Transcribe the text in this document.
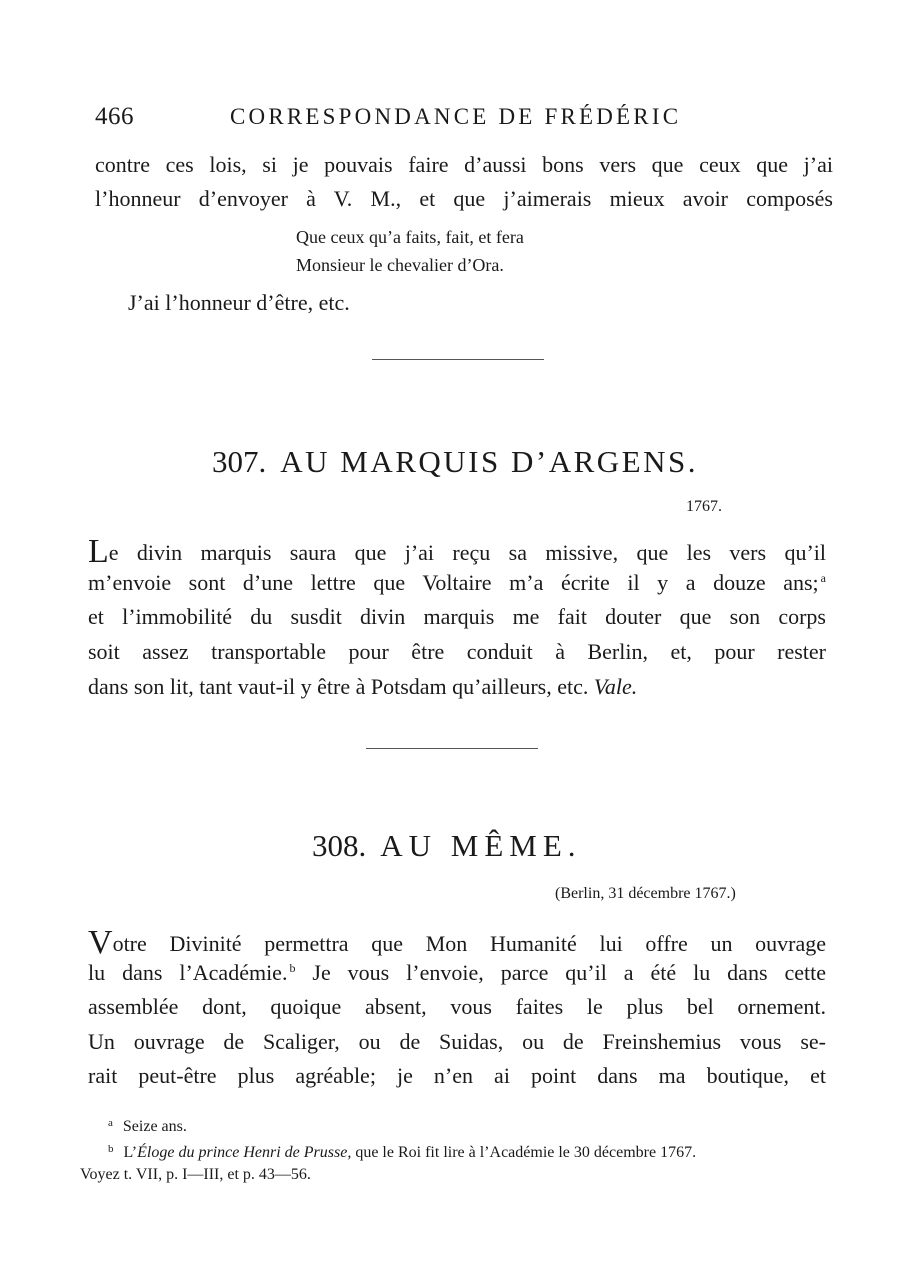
466	CORRESPONDANCE DE FRÉDÉRIC
contre ces lois, si je pouvais faire d’aussi bons vers que ceux que j’ai
l’honneur d’envoyer à V. M., et que j’aimerais mieux avoir composés
Que ceux qu’a faits, fait, et fera
Monsieur le chevalier d’Ora.
J’ai l’honneur d’être, etc.
307. AU MARQUIS D’ARGENS.
1767.
Le divin marquis saura que j’ai reçu sa missive, que les vers qu’il
m’envoie sont d’une lettre que Voltaire m’a écrite il y a douze ans; $^a$
et l’immobilité du susdit divin marquis me fait douter que son corps
soit assez transportable pour être conduit à Berlin, et, pour rester
dans son lit, tant vaut-il y être à Potsdam qu’ailleurs, etc. Vale.
308. AU MÊME.
(Berlin, 31 décembre 1767.)
Votre Divinité permettra que Mon Humanité lui offre un ouvrage
lu dans l’Académie. $^b$ Je vous l’envoie, parce qu’il a été lu dans cette
assemblée dont, quoique absent, vous faites le plus bel ornement.
Un ouvrage de Scaliger, ou de Suidas, ou de Freinshemius vous se-
rait peut-être plus agréable; je n’en ai point dans ma boutique, et
$^a$ Seize ans.
$^b$ L’Éloge du prince Henri de Prusse, que le Roi fit lire à l’Académie le 30 décembre 1767.
Voyez t. VII, p. I—III, et p. 43—56.
